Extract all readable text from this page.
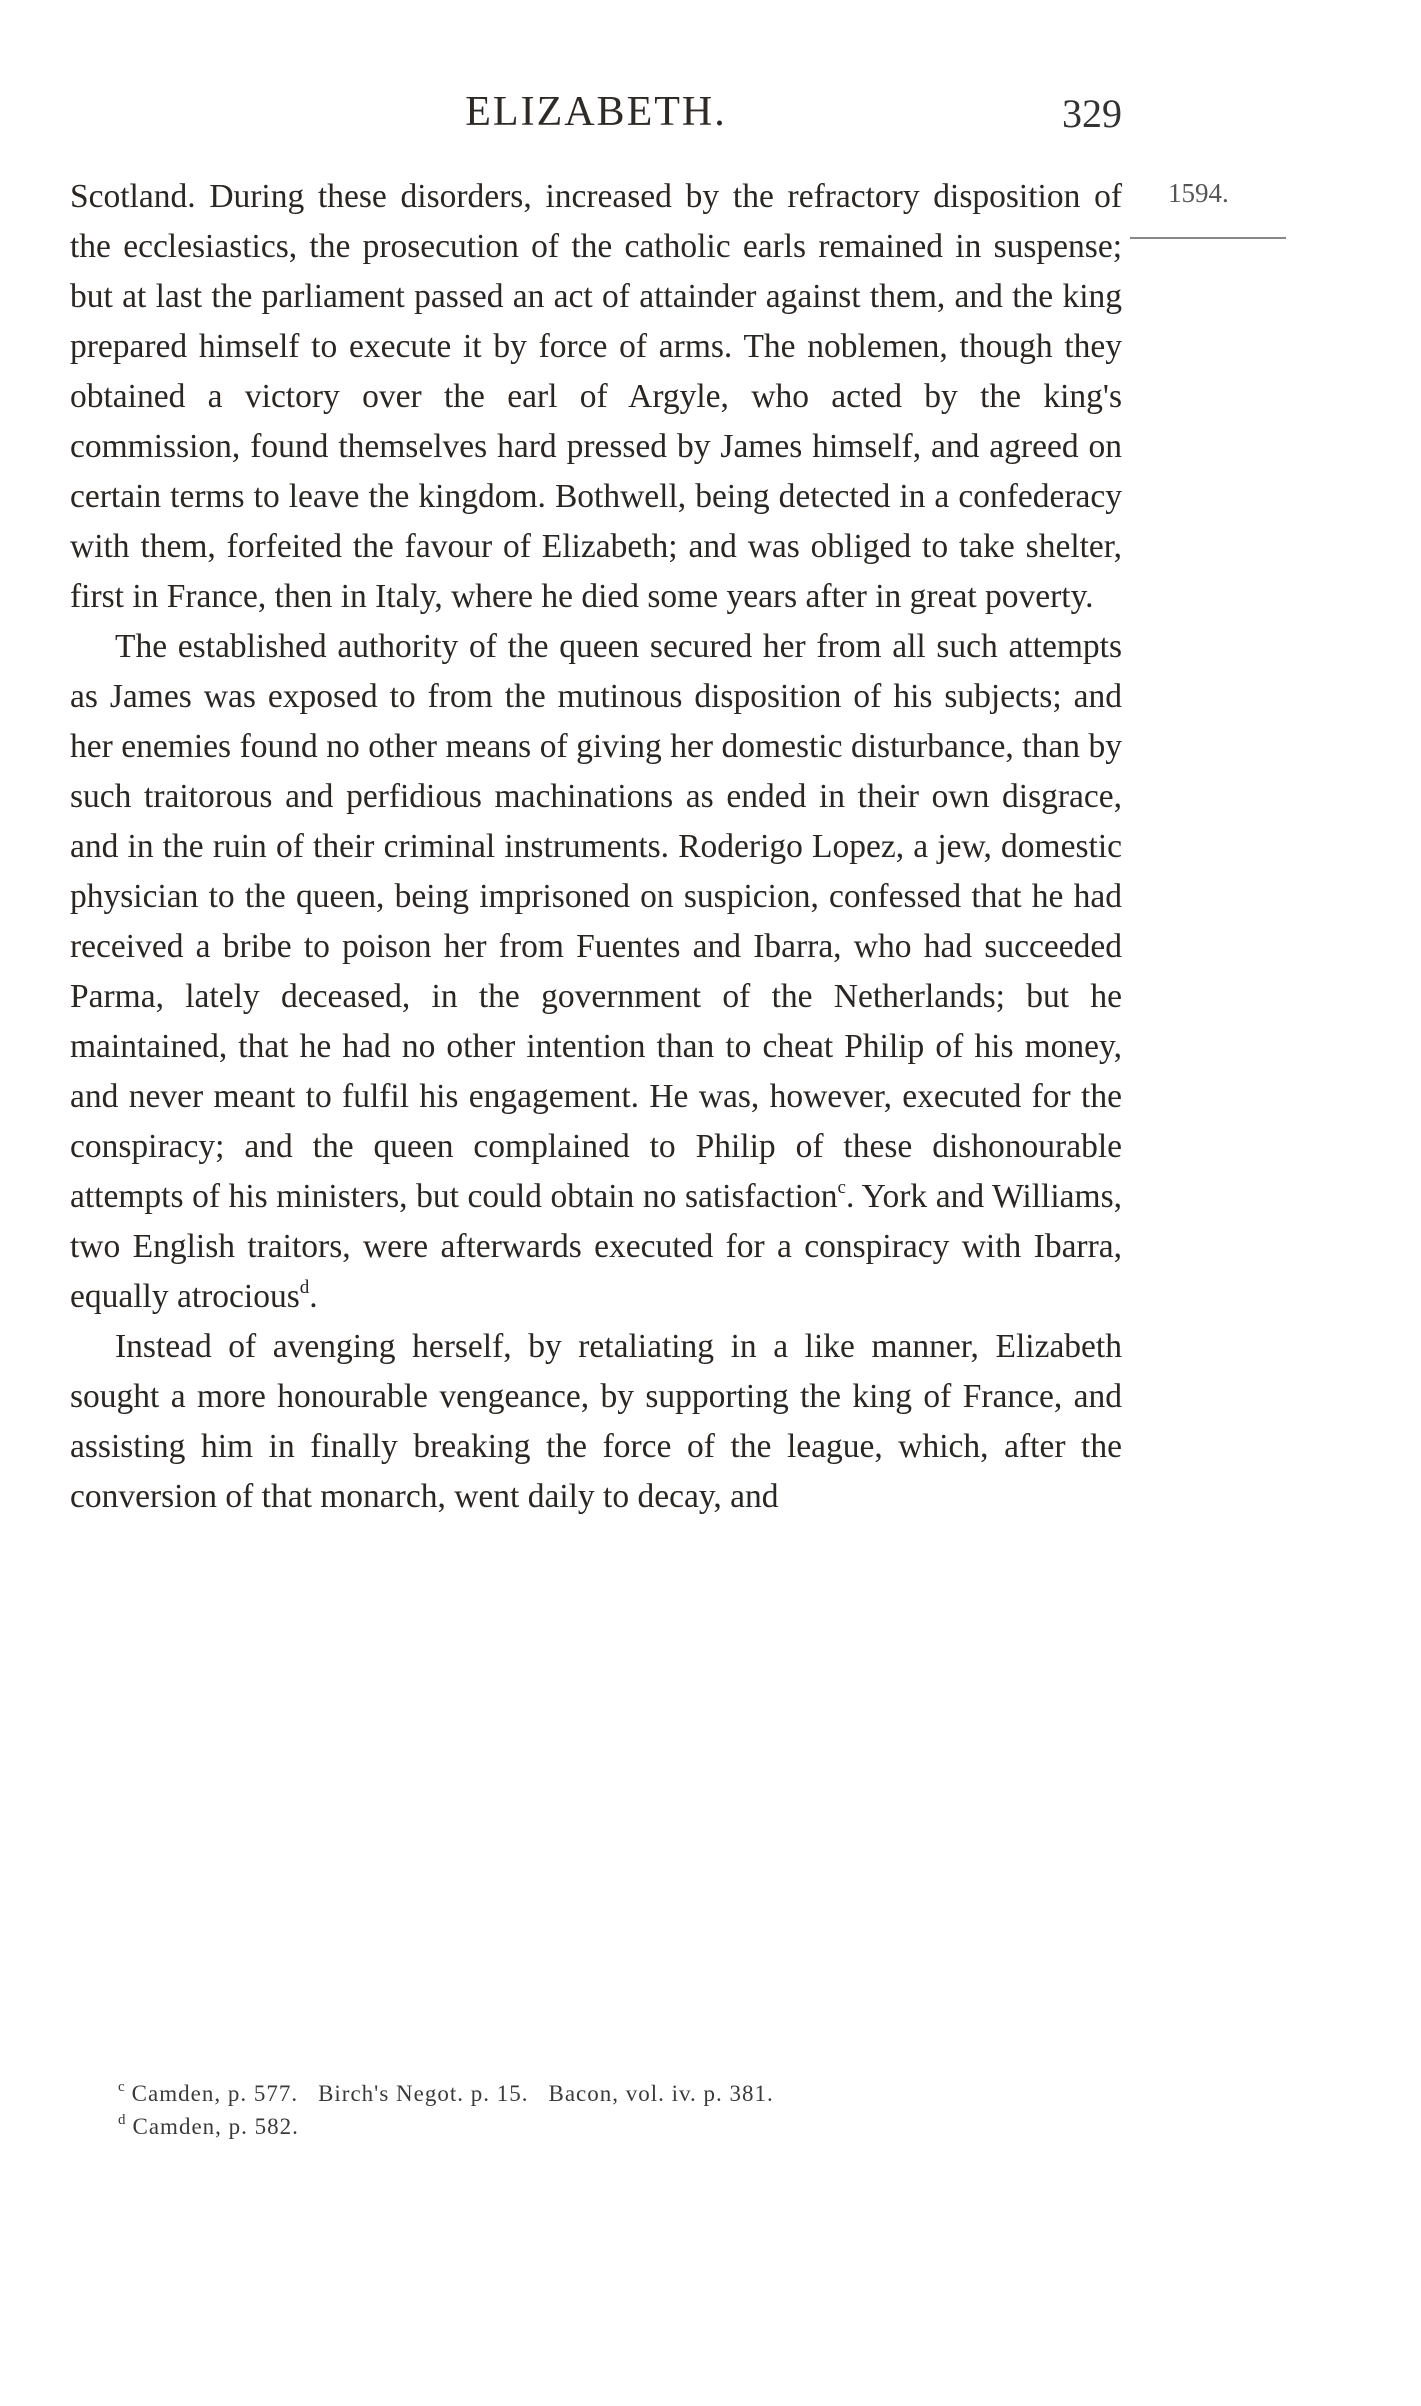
ELIZABETH.	329
1594.

Scotland. During these disorders, increased by the refractory disposition of the ecclesiastics, the prosecution of the catholic earls remained in suspense; but at last the parliament passed an act of attainder against them, and the king prepared himself to execute it by force of arms. The noblemen, though they obtained a victory over the earl of Argyle, who acted by the king's commission, found themselves hard pressed by James himself, and agreed on certain terms to leave the kingdom. Bothwell, being detected in a confederacy with them, forfeited the favour of Elizabeth; and was obliged to take shelter, first in France, then in Italy, where he died some years after in great poverty.

The established authority of the queen secured her from all such attempts as James was exposed to from the mutinous disposition of his subjects; and her enemies found no other means of giving her domestic disturbance, than by such traitorous and perfidious machinations as ended in their own disgrace, and in the ruin of their criminal instruments. Roderigo Lopez, a jew, domestic physician to the queen, being imprisoned on suspicion, confessed that he had received a bribe to poison her from Fuentes and Ibarra, who had succeeded Parma, lately deceased, in the government of the Netherlands; but he maintained, that he had no other intention than to cheat Philip of his money, and never meant to fulfil his engagement. He was, however, executed for the conspiracy; and the queen complained to Philip of these dishonourable attempts of his ministers, but could obtain no satisfaction$^c$. York and Williams, two English traitors, were afterwards executed for a conspiracy with Ibarra, equally atrocious$^d$.

Instead of avenging herself, by retaliating in a like manner, Elizabeth sought a more honourable vengeance, by supporting the king of France, and assisting him in finally breaking the force of the league, which, after the conversion of that monarch, went daily to decay, and

$^c$ Camden, p. 577. Birch's Negot. p. 15. Bacon, vol. iv. p. 381.

$^d$ Camden, p. 582.
